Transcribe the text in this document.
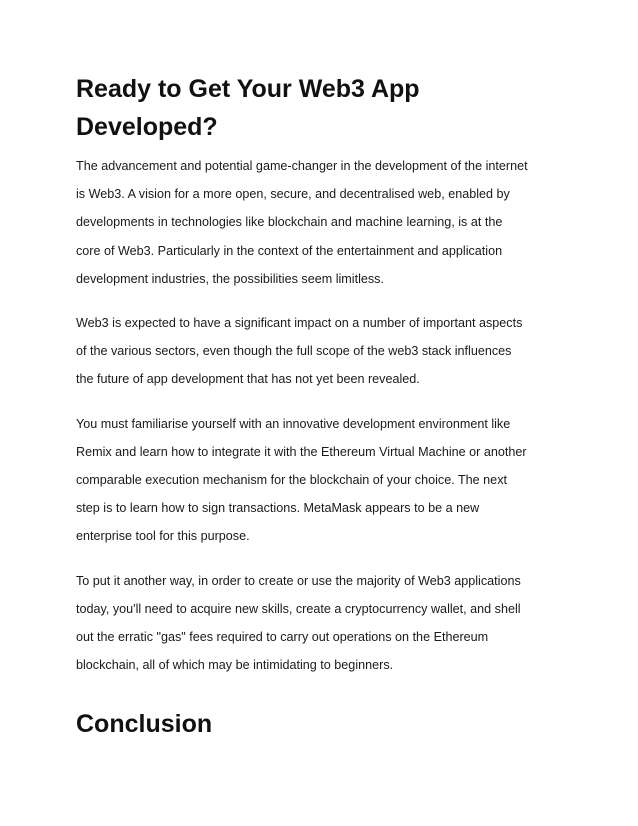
Ready to Get Your Web3 App
Developed?

The advancement and potential game-changer in the development of the internet
is Web3. A vision for a more open, secure, and decentralised web, enabled by
developments in technologies like blockchain and machine learning, is at the
core of Web3. Particularly in the context of the entertainment and application
development industries, the possibilities seem limitless.

Web3 is expected to have a significant impact on a number of important aspects
of the various sectors, even though the full scope of the web3 stack influences
the future of app development that has not yet been revealed.

You must familiarise yourself with an innovative development environment like
Remix and learn how to integrate it with the Ethereum Virtual Machine or another
comparable execution mechanism for the blockchain of your choice. The next
step is to learn how to sign transactions. MetaMask appears to be a new
enterprise tool for this purpose.

To put it another way, in order to create or use the majority of Web3 applications
today, you'll need to acquire new skills, create a cryptocurrency wallet, and shell
out the erratic "gas" fees required to carry out operations on the Ethereum
blockchain, all of which may be intimidating to beginners.

Conclusion
